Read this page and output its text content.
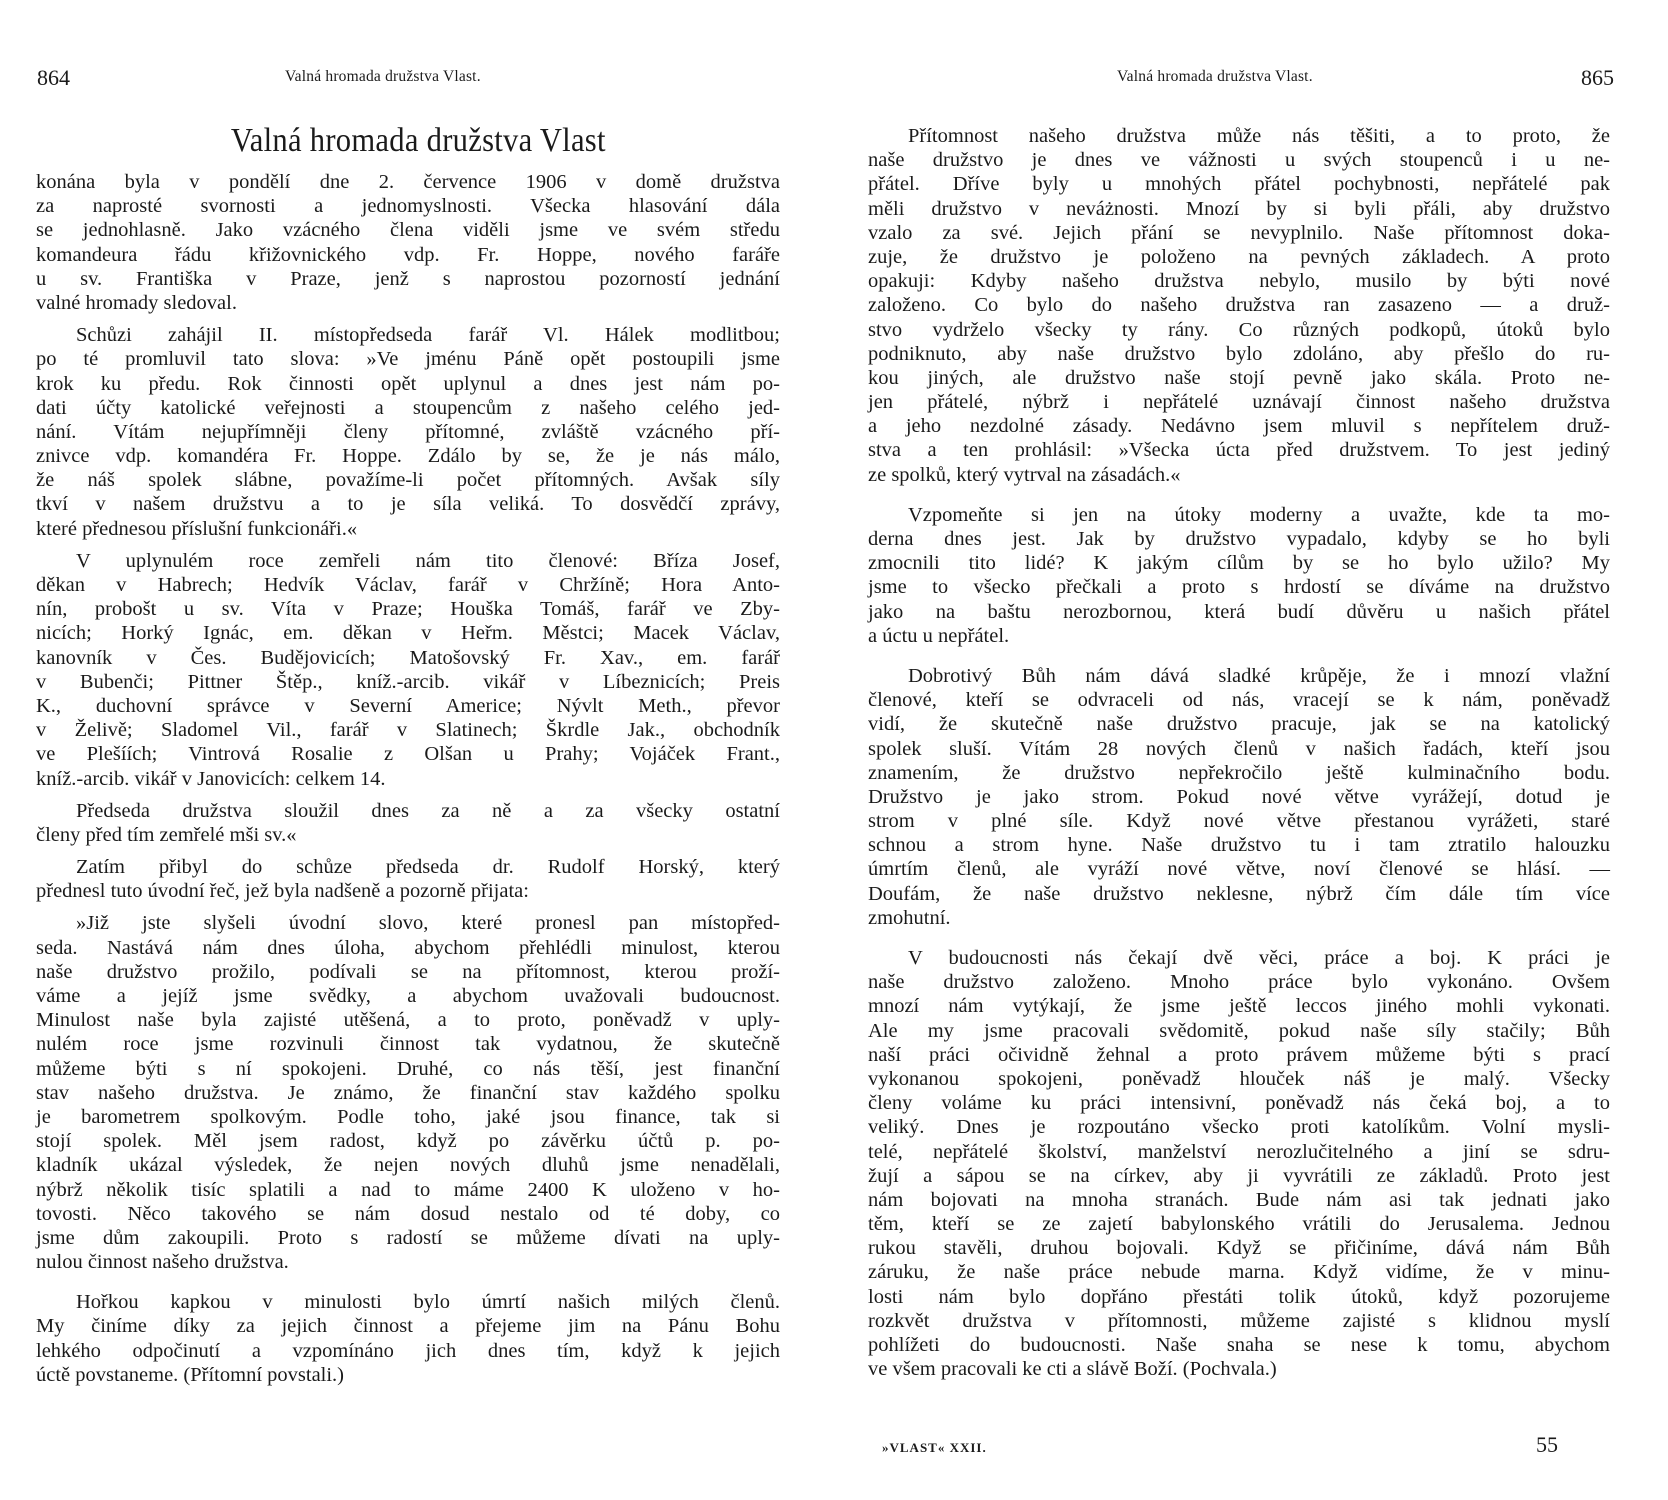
864	Valná hromada družstva Vlast.
Valná hromada družstva Vlast
konána byla v pondělí dne 2. července 1906 v domě družstva
za naprosté svornosti a jednomyslnosti. Všecka hlasování dála
se jednohlasně. Jako vzácného člena viděli jsme ve svém středu
komandeura řádu křižovnického vdp. Fr. Hoppe, nového faráře
u sv. Františka v Praze, jenž s naprostou pozorností jednání
valné hromady sledoval.
Schůzi zahájil II. místopředseda farář Vl. Hálek modlitbou;
po té promluvil tato slova: »Ve jménu Páně opět postoupili jsme
krok ku předu. Rok činnosti opět uplynul a dnes jest nám po-
dati účty katolické veřejnosti a stoupencům z našeho celého jed-
nání. Vítám nejupřímněji členy přítomné, zvláště vzácného pří-
znivce vdp. komandéra Fr. Hoppe. Zdálo by se, že je nás málo,
že náš spolek slábne, považíme-li počet přítomných. Avšak síly
tkví v našem družstvu a to je síla veliká. To dosvědčí zprávy,
které přednesou příslušní funkcionáři.«
V uplynulém roce zemřeli nám tito členové: Bříza Josef,
děkan v Habrech; Hedvík Václav, farář v Chržíně; Hora Anto-
nín, probošt u sv. Víta v Praze; Houška Tomáš, farář ve Zby-
nicích; Horký Ignác, em. děkan v Heřm. Městci; Macek Václav,
kanovník v Čes. Budějovicích; Matošovský Fr. Xav., em. farář
v Bubenči; Pittner Štěp., kníž.-arcib. vikář v Líbeznicích; Preis
K., duchovní správce v Severní Americe; Nývlt Meth., převor
v Želivě; Sladomel Vil., farář v Slatinech; Škrdle Jak., obchodník
ve Plešíích; Vintrová Rosalie z Olšan u Prahy; Vojáček Frant.,
kníž.-arcib. vikář v Janovicích: celkem 14.
Předseda družstva sloužil dnes za ně a za všecky ostatní
členy před tím zemřelé mši sv.«
Zatím přibyl do schůze předseda dr. Rudolf Horský, který
přednesl tuto úvodní řeč, jež byla nadšeně a pozorně přijata:
»Již jste slyšeli úvodní slovo, které pronesl pan místopřed-
seda. Nastává nám dnes úloha, abychom přehlédli minulost, kterou
naše družstvo prožilo, podívali se na přítomnost, kterou proží-
váme a jejíž jsme svědky, a abychom uvažovali budoucnost.
Minulost naše byla zajisté utěšená, a to proto, poněvadž v uply-
nulém roce jsme rozvinuli činnost tak vydatnou, že skutečně
můžeme býti s ní spokojeni. Druhé, co nás těší, jest finanční
stav našeho družstva. Je známo, že finanční stav každého spolku
je barometrem spolkovým. Podle toho, jaké jsou finance, tak si
stojí spolek. Měl jsem radost, když po závěrku účtů p. po-
kladník ukázal výsledek, že nejen nových dluhů jsme nenadělali,
nýbrž několik tisíc splatili a nad to máme 2400 K uloženo v ho-
tovosti. Něco takového se nám dosud nestalo od té doby, co
jsme dům zakoupili. Proto s radostí se můžeme dívati na uply-
nulou činnost našeho družstva.
Hořkou kapkou v minulosti bylo úmrtí našich milých členů.
My činíme díky za jejich činnost a přejeme jim na Pánu Bohu
lehkého odpočinutí a vzpomínáno jich dnes tím, když k jejich
úctě povstaneme. (Přítomní povstali.)
Valná hromada družstva Vlast.	865
Přítomnost našeho družstva může nás těšiti, a to proto, že
naše družstvo je dnes ve vážnosti u svých stoupenců i u ne-
přátel. Dříve byly u mnohých přátel pochybnosti, nepřátelé pak
měli družstvo v neváżnosti. Mnozí by si byli přáli, aby družstvo
vzalo za své. Jejich přání se nevyplnilo. Naše přítomnost doka-
zuje, že družstvo je položeno na pevných základech. A proto
opakuji: Kdyby našeho družstva nebylo, musilo by býti nové
založeno. Co bylo do našeho družstva ran zasazeno — a druž-
stvo vydrželo všecky ty rány. Co různých podkopů, útoků bylo
podniknuto, aby naše družstvo bylo zdoláno, aby přešlo do ru-
kou jiných, ale družstvo naše stojí pevně jako skála. Proto ne-
jen přátelé, nýbrž i nepřátelé uznávají činnost našeho družstva
a jeho nezdolné zásady. Nedávno jsem mluvil s nepřítelem druž-
stva a ten prohlásil: »Všecka úcta před družstvem. To jest jediný
ze spolků, který vytrval na zásadách.«
Vzpomeňte si jen na útoky moderny a uvažte, kde ta mo-
derna dnes jest. Jak by družstvo vypadalo, kdyby se ho byli
zmocnili tito lidé? K jakým cílům by se ho bylo užilo? My
jsme to všecko přečkali a proto s hrdostí se díváme na družstvo
jako na baštu nerozbornou, která budí důvěru u našich přátel
a úctu u nepřátel.
Dobrotivý Bůh nám dává sladké krůpěje, že i mnozí vlažní
členové, kteří se odvraceli od nás, vracejí se k nám, poněvadž
vidí, že skutečně naše družstvo pracuje, jak se na katolický
spolek sluší. Vítám 28 nových členů v našich řadách, kteří jsou
znamením, že družstvo nepřekročilo ještě kulminačního bodu.
Družstvo je jako strom. Pokud nové větve vyrážejí, dotud je
strom v plné síle. Když nové větve přestanou vyrážeti, staré
schnou a strom hyne. Naše družstvo tu i tam ztratilo halouzku
úmrtím členů, ale vyráží nové větve, noví členové se hlásí. —
Doufám, že naše družstvo neklesne, nýbrž čím dále tím více
zmohutní.
V budoucnosti nás čekají dvě věci, práce a boj. K práci je
naše družstvo založeno. Mnoho práce bylo vykonáno. Ovšem
mnozí nám vytýkají, že jsme ještě leccos jiného mohli vykonati.
Ale my jsme pracovali svědomitě, pokud naše síly stačily; Bůh
naší práci očividně žehnal a proto právem můžeme býti s prací
vykonanou spokojeni, poněvadž hlouček náš je malý. Všecky
členy voláme ku práci intensivní, poněvadž nás čeká boj, a to
veliký. Dnes je rozpoutáno všecko proti katolíkům. Volní mysli-
telé, nepřátelé školství, manželství nerozlučitelného a jiní se sdru-
žují a sápou se na církev, aby ji vyvrátili ze základů. Proto jest
nám bojovati na mnoha stranách. Bude nám asi tak jednati jako
těm, kteří se ze zajetí babylonského vrátili do Jerusalema. Jednou
rukou stavěli, druhou bojovali. Když se přičiníme, dává nám Bůh
záruku, že naše práce nebude marna. Když vidíme, že v minu-
losti nám bylo dopřáno přestáti tolik útoků, když pozorujeme
rozkvět družstva v přítomnosti, můžeme zajisté s klidnou myslí
pohlížeti do budoucnosti. Naše snaha se nese k tomu, abychom
ve všem pracovali ke cti a slávě Boží. (Pochvala.)
»VLAST« XXII.	55
